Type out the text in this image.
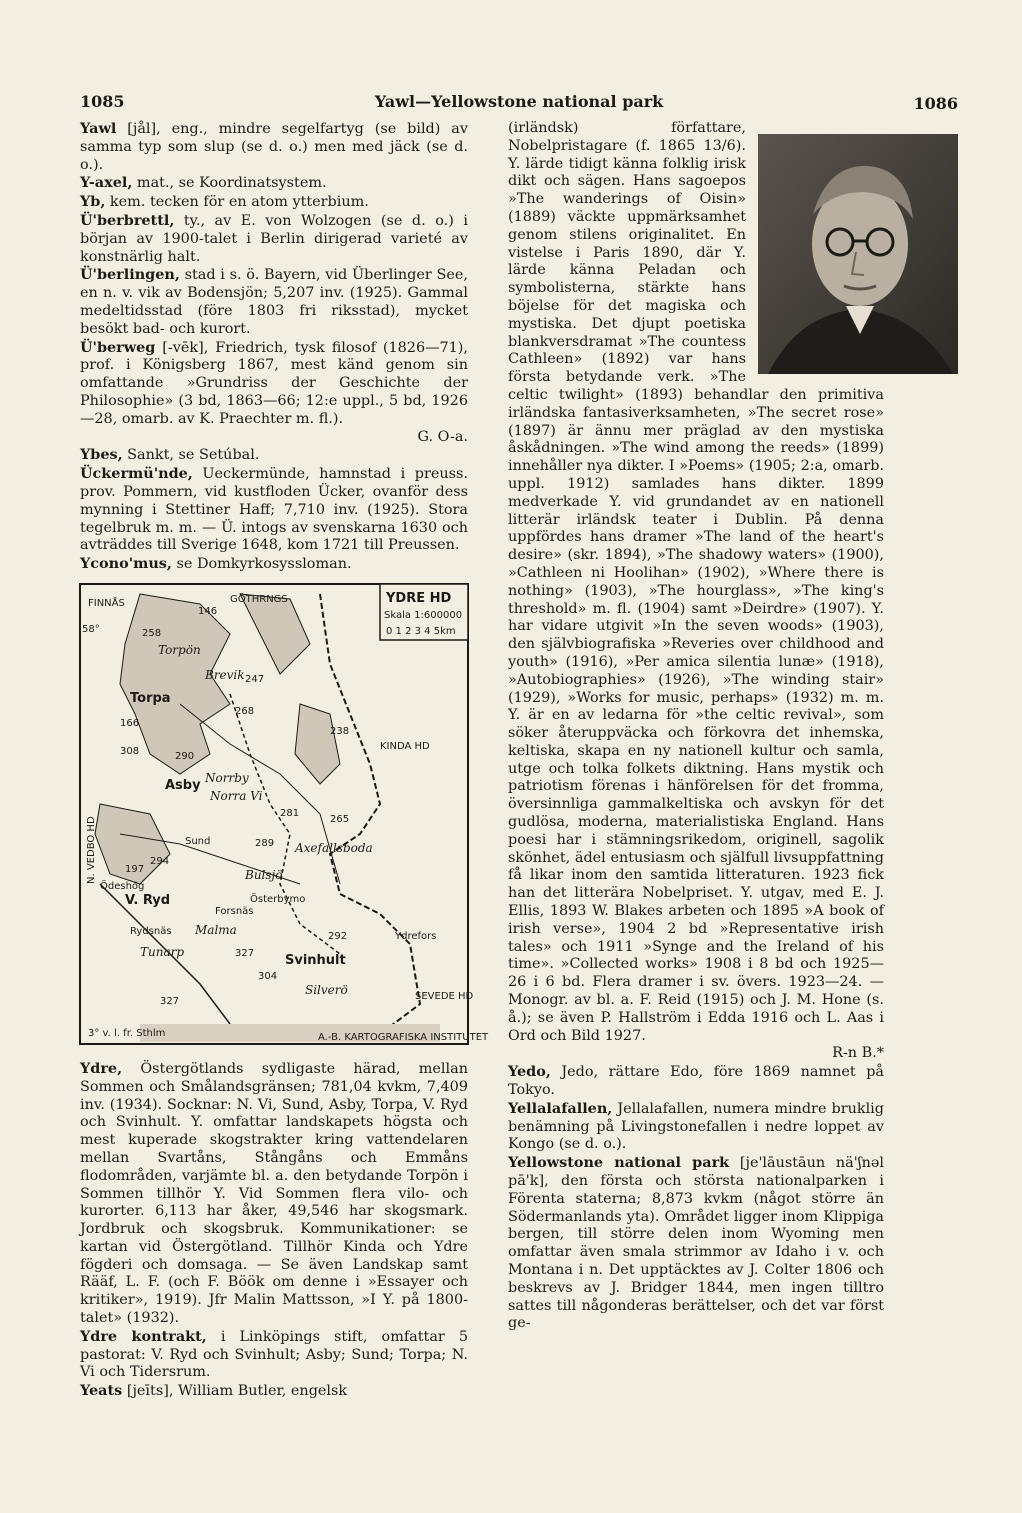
1085	Yawl—Yellowstone national park	1086

Yawl [jål], eng., mindre segelfartyg (se bild) av samma typ som slup (se d. o.) men med jäck (se d. o.).

Y-axel, mat., se Koordinatsystem.

Yb, kem. tecken för en atom ytterbium.

Ü'berbrettl, ty., av E. von Wolzogen (se d. o.) i början av 1900-talet i Berlin dirigerad varieté av konstnärlig halt.

Ü'berlingen, stad i s. ö. Bayern, vid Überlinger See, en n. v. vik av Bodensjön; 5,207 inv. (1925). Gammal medeltidsstad (före 1803 fri riksstad), mycket besökt bad- och kurort.

Ü'berweg [-vēk], Friedrich, tysk filosof (1826—71), prof. i Königsberg 1867, mest känd genom sin omfattande »Grundriss der Geschichte der Philosophie» (3 bd, 1863—66; 12:e uppl., 5 bd, 1926—28, omarb. av K. Praechter m. fl.).

G. O-a.

Ybes, Sankt, se Setúbal.

Ückermü'nde, Ueckermünde, hamnstad i preuss. prov. Pommern, vid kustfloden Ücker, ovanför dess mynning i Stettiner Haff; 7,710 inv. (1925). Stora tegelbruk m. m. — Ü. intogs av svenskarna 1630 och avträddes till Sverige 1648, kom 1721 till Preussen.

Ycono'mus, se Domkyrkosyssloman.

YDRE HD
Skala 1:600000
0 1 2 3 4 5km
FINNÅS	GÖTHRNGS
Torpa
Asby Norrby
Norra Vi
Sund	Axefallsboda
Bulsjö
Österbymo
Forsnäs
Malma
Tunarp
Svinhult
Silverö
Ydrefors
KINDA HD
SEVEDE HD
V. Ryd
Ödeshög
Torpön
Brevik
Rydsnäs
58°
146
258
247
166
268
308	290
238
281
265
289
197
294
292
327
304
327
3° v. l. fr. Sthlm	A.-B. KARTOGRAFISKA INSTITUTET
N. VEDBO HD

Ydre, Östergötlands sydligaste härad, mellan Sommen och Smålandsgränsen; 781,04 kvkm, 7,409 inv. (1934). Socknar: N. Vi, Sund, Asby, Torpa, V. Ryd och Svinhult. Y. omfattar landskapets högsta och mest kuperade skogstrakter kring vattendelaren mellan Svartåns, Stångåns och Emmåns flodområden, varjämte bl. a. den betydande Torpön i Sommen tillhör Y. Vid Sommen flera vilo- och kurorter. 6,113 har åker, 49,546 har skogsmark. Jordbruk och skogsbruk. Kommunikationer: se kartan vid Östergötland. Tillhör Kinda och Ydre fögderi och domsaga. — Se även Landskap samt Rääf, L. F. (och F. Böök om denne i »Essayer och kritiker», 1919). Jfr Malin Mattsson, »I Y. på 1800-talet» (1932).

Ydre kontrakt, i Linköpings stift, omfattar 5 pastorat: V. Ryd och Svinhult; Asby; Sund; Torpa; N. Vi och Tidersrum.

Yeats [jeīts], William Butler, engelsk

(irländsk) författare, Nobelpristagare (f. 1865 13/6). Y. lärde tidigt känna folklig irisk dikt och sägen. Hans sagoepos »The wanderings of Oisin» (1889) väckte uppmärksamhet genom stilens originalitet. En vistelse i Paris 1890, där Y. lärde känna Peladan och symbolisterna, stärkte hans böjelse för det magiska och mystiska. Det djupt poetiska blankversdramat »The countess Cathleen» (1892) var hans första betydande verk. »The celtic twilight» (1893) behandlar den primitiva irländska fantasiverksamheten, »The secret rose» (1897) är ännu mer präglad av den mystiska åskådningen. »The wind among the reeds» (1899) innehåller nya dikter. I »Poems» (1905; 2:a, omarb. uppl. 1912) samlades hans dikter. 1899 medverkade Y. vid grundandet av en nationell litterär irländsk teater i Dublin. På denna uppfördes hans dramer »The land of the heart's desire» (skr. 1894), »The shadowy waters» (1900), »Cathleen ni Hoolihan» (1902), »Where there is nothing» (1903), »The hourglass», »The king's threshold» m. fl. (1904) samt »Deirdre» (1907). Y. har vidare utgivit »In the seven woods» (1903), den självbiografiska »Reveries over childhood and youth» (1916), »Per amica silentia lunæ» (1918), »Autobiographies» (1926), »The winding stair» (1929), »Works for music, perhaps» (1932) m. m. Y. är en av ledarna för »the celtic revival», som söker återuppväcka och förkovra det inhemska, keltiska, skapa en ny nationell kultur och samla, utge och tolka folkets diktning. Hans mystik och patriotism förenas i hänförelsen för det fromma, översinnliga gammalkeltiska och avskyn för det gudlösa, moderna, materialistiska England. Hans poesi har i stämningsrikedom, originell, sagolik skönhet, ädel entusiasm och själfull livsuppfattning få likar inom den samtida litteraturen. 1923 fick han det litterära Nobelpriset. Y. utgav, med E. J. Ellis, 1893 W. Blakes arbeten och 1895 »A book of irish verse», 1904 2 bd »Representative irish tales» och 1911 »Synge and the Ireland of his time». »Collected works» 1908 i 8 bd och 1925—26 i 6 bd. Flera dramer i sv. övers. 1923—24. — Monogr. av bl. a. F. Reid (1915) och J. M. Hone (s. å.); se även P. Hallström i Edda 1916 och L. Aas i Ord och Bild 1927.

R-n B.*

Yedo, Jedo, rättare Edo, före 1869 namnet på Tokyo.

Yellalafallen, Jellalafallen, numera mindre bruklig benämning på Livingstonefallen i nedre loppet av Kongo (se d. o.).

Yellowstone national park [je'lāustāun nä'ʃnəl pā'k], den första och största nationalparken i Förenta staterna; 8,873 kvkm (något större än Södermanlands yta). Området ligger inom Klippiga bergen, till större delen inom Wyoming men omfattar även smala strimmor av Idaho i v. och Montana i n. Det upptäcktes av J. Colter 1806 och beskrevs av J. Bridger 1844, men ingen tilltro sattes till någonderas berättelser, och det var först ge-
